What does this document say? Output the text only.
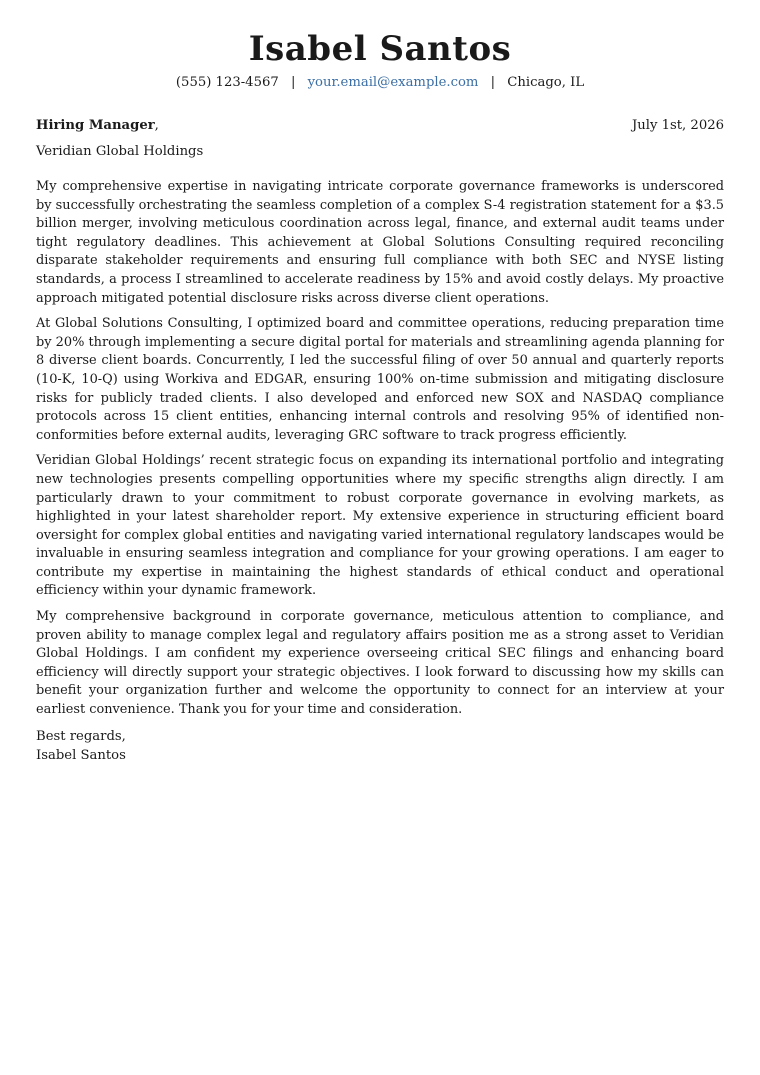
Isabel Santos
(555) 123-4567 | your.email@example.com | Chicago, IL
Hiring Manager,	July 1st, 2026
Veridian Global Holdings

My comprehensive expertise in navigating intricate corporate governance frameworks is underscored by successfully orchestrating the seamless completion of a complex S-4 registration statement for a $3.5 billion merger, involving meticulous coordination across legal, finance, and external audit teams under tight regulatory deadlines. This achievement at Global Solutions Consulting required reconciling disparate stakeholder requirements and ensuring full compliance with both SEC and NYSE listing standards, a process I streamlined to accelerate readiness by 15% and avoid costly delays. My proactive approach mitigated potential disclosure risks across diverse client operations.

At Global Solutions Consulting, I optimized board and committee operations, reducing preparation time by 20% through implementing a secure digital portal for materials and streamlining agenda planning for 8 diverse client boards. Concurrently, I led the successful filing of over 50 annual and quarterly reports (10-K, 10-Q) using Workiva and EDGAR, ensuring 100% on-time submission and mitigating disclosure risks for publicly traded clients. I also developed and enforced new SOX and NASDAQ compliance protocols across 15 client entities, enhancing internal controls and resolving 95% of identified non-conformities before external audits, leveraging GRC software to track progress efficiently.

Veridian Global Holdings’ recent strategic focus on expanding its international portfolio and integrating new technologies presents compelling opportunities where my specific strengths align directly. I am particularly drawn to your commitment to robust corporate governance in evolving markets, as highlighted in your latest shareholder report. My extensive experience in structuring efficient board oversight for complex global entities and navigating varied international regulatory landscapes would be invaluable in ensuring seamless integration and compliance for your growing operations. I am eager to contribute my expertise in maintaining the highest standards of ethical conduct and operational efficiency within your dynamic framework.

My comprehensive background in corporate governance, meticulous attention to compliance, and proven ability to manage complex legal and regulatory affairs position me as a strong asset to Veridian Global Holdings. I am confident my experience overseeing critical SEC filings and enhancing board efficiency will directly support your strategic objectives. I look forward to discussing how my skills can benefit your organization further and welcome the opportunity to connect for an interview at your earliest convenience. Thank you for your time and consideration.

Best regards,
Isabel Santos
